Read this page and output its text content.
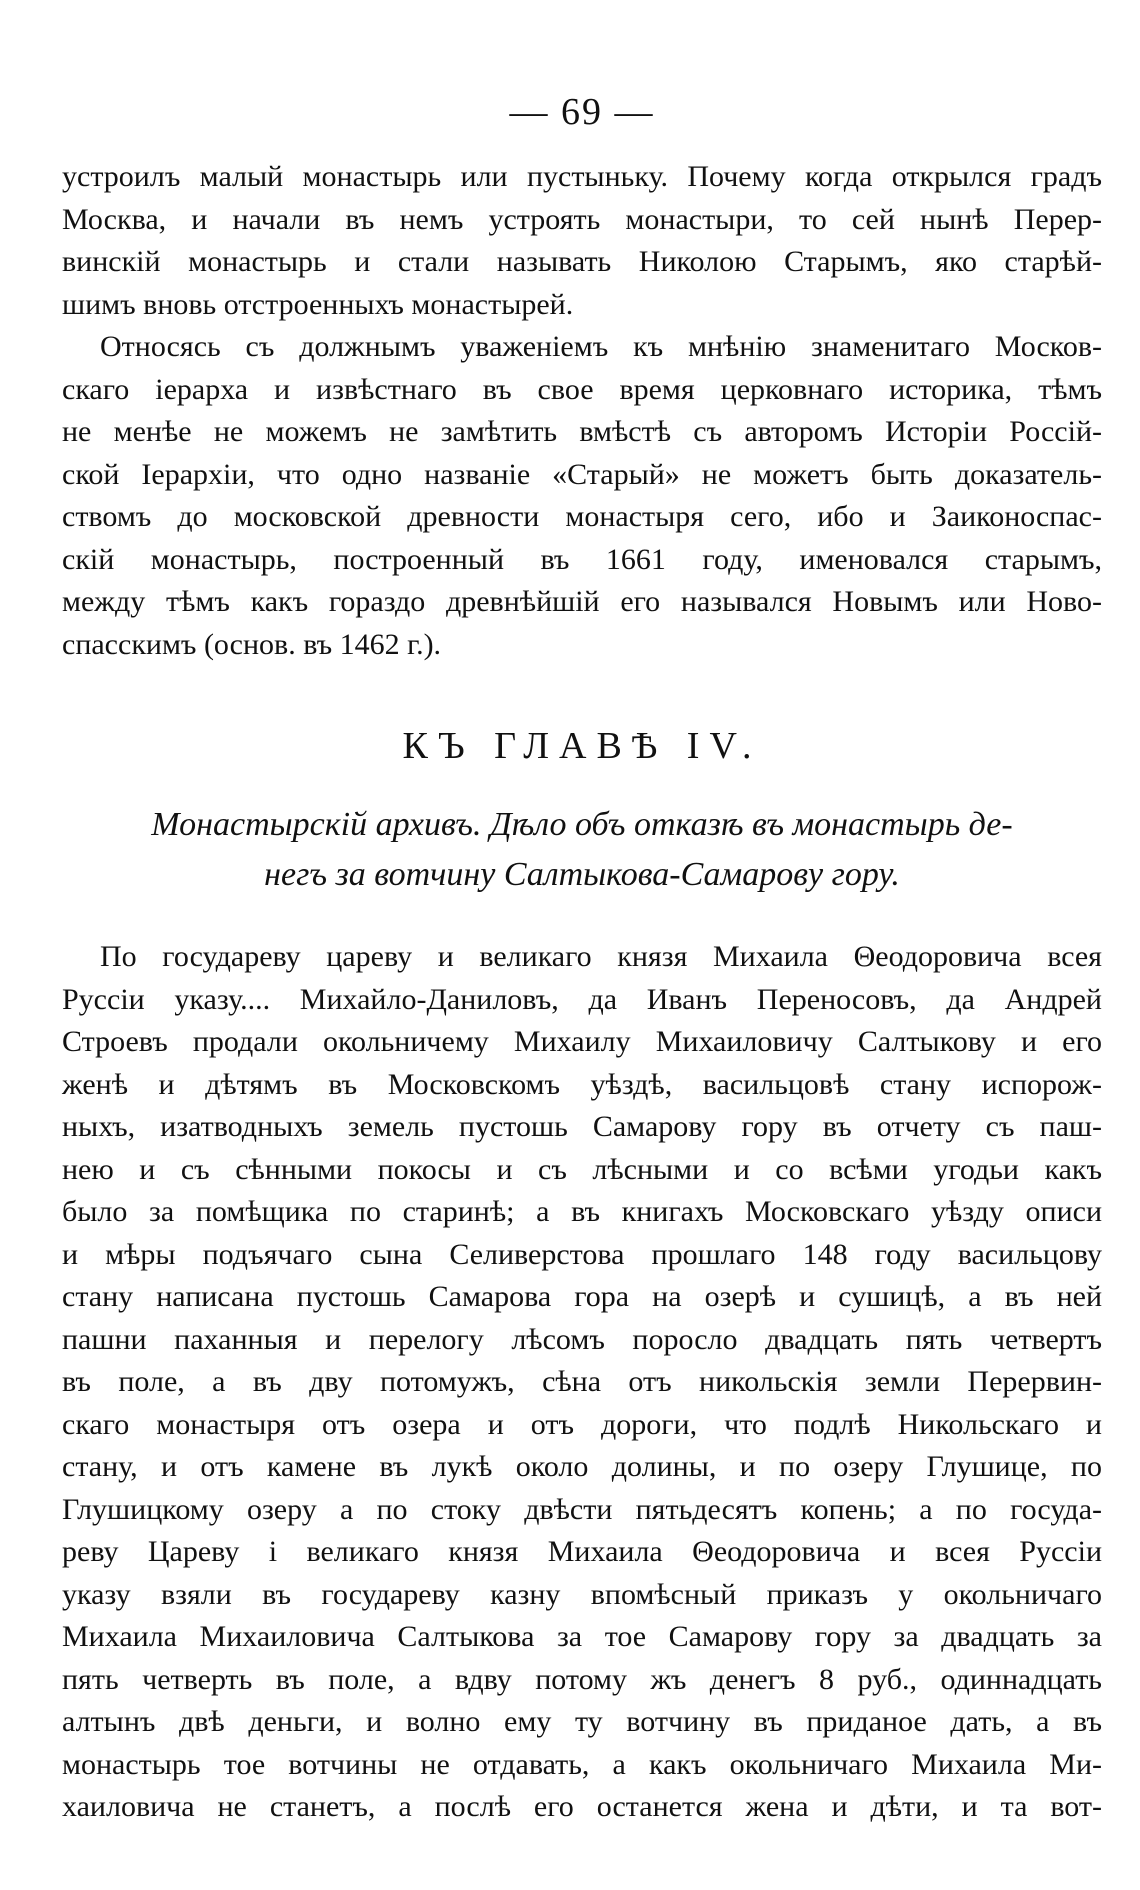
— 69 —
устроилъ малый монастырь или пустыньку. Почему когда открылся градъ
Москва, и начали въ немъ устроять монастыри, то сей нынѣ Перер-
винскій монастырь и стали называть Николою Старымъ, яко старѣй-
шимъ вновь отстроенныхъ монастырей.
Относясь съ должнымъ уваженіемъ къ мнѣнію знаменитаго Москов-
скаго іерарха и извѣстнаго въ свое время церковнаго историка, тѣмъ
не менѣе не можемъ не замѣтить вмѣстѣ съ авторомъ Исторіи Россій-
ской Іерархіи, что одно названіе «Старый» не можетъ быть доказатель-
ствомъ до московской древности монастыря сего, ибо и Заиконоспас-
скій монастырь, построенный въ 1661 году, именовался старымъ,
между тѣмъ какъ гораздо древнѣйшій его назывался Новымъ или Ново-
спасскимъ (основ. въ 1462 г.).
КЪ ГЛАВѢ IV.
Монастырскій архивъ. Дѣло объ отказѣ въ монастырь де-
негъ за вотчину Салтыкова-Самарову гору.
По государеву цареву и великаго князя Михаила Θеодоровича всея
Руссіи указу.... Михайло-Даниловъ, да Иванъ Переносовъ, да Андрей
Строевъ продали окольничему Михаилу Михаиловичу Салтыкову и его
женѣ и дѣтямъ въ Московскомъ уѣздѣ, васильцовѣ стану испорож-
ныхъ, изатводныхъ земель пустошь Самарову гору въ отчету съ паш-
нею и съ сѣнными покосы и съ лѣсными и со всѣми угодьи какъ
было за помѣщика по старинѣ; а въ книгахъ Московскаго уѣзду описи
и мѣры подъячаго сына Селиверстова прошлаго 148 году васильцову
стану написана пустошь Самарова гора на озерѣ и сушицѣ, а въ ней
пашни паханныя и перелогу лѣсомъ поросло двадцать пять четвертъ
въ поле, а въ дву потомужъ, сѣна отъ никольскія земли Перервин-
скаго монастыря отъ озера и отъ дороги, что подлѣ Никольскаго и
стану, и отъ камене въ лукѣ около долины, и по озеру Глушице, по
Глушицкому озеру а по стоку двѣсти пятьдесятъ копень; а по госуда-
реву Цареву і великаго князя Михаила Θеодоровича и всея Руссіи
указу взяли въ государеву казну впомѣсный приказъ у окольничаго
Михаила Михаиловича Салтыкова за тое Самарову гору за двадцать за
пять четверть въ поле, а вдву потому жъ денегъ 8 руб., одиннадцать
алтынъ двѣ деньги, и волно ему ту вотчину въ приданое дать, а въ
монастырь тое вотчины не отдавать, а какъ окольничаго Михаила Ми-
хаиловича не станетъ, а послѣ его останется жена и дѣти, и та вот-
